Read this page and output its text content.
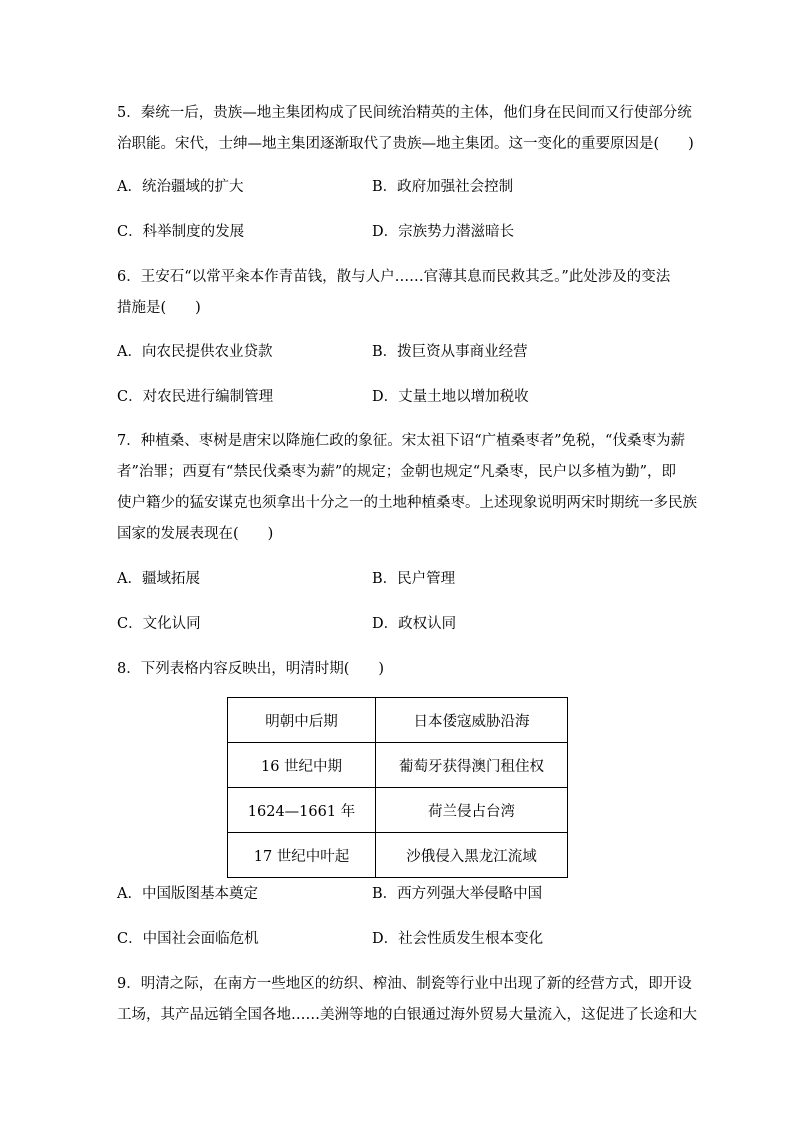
5．秦统一后，贵族—地主集团构成了民间统治精英的主体，他们身在民间而又行使部分统
治职能。宋代，士绅—地主集团逐渐取代了贵族—地主集团。这一变化的重要原因是(　　)
A．统治疆域的扩大	B．政府加强社会控制
C．科举制度的发展	D．宗族势力潜滋暗长
6．王安石“以常平籴本作青苗钱，散与人户……官薄其息而民救其乏。”此处涉及的变法
措施是(　　)
A．向农民提供农业贷款	B．拨巨资从事商业经营
C．对农民进行编制管理	D．丈量土地以增加税收
7．种植桑、枣树是唐宋以降施仁政的象征。宋太祖下诏“广植桑枣者”免税，“伐桑枣为薪
者”治罪；西夏有“禁民伐桑枣为薪”的规定；金朝也规定“凡桑枣，民户以多植为勤”，即
使户籍少的猛安谋克也须拿出十分之一的土地种植桑枣。上述现象说明两宋时期统一多民族
国家的发展表现在(　　)
A．疆域拓展	B．民户管理
C．文化认同	D．政权认同
8．下列表格内容反映出，明清时期(　　)
明朝中后期	日本倭寇威胁沿海
16 世纪中期	葡萄牙获得澳门租住权
1624—1661 年	荷兰侵占台湾
17 世纪中叶起	沙俄侵入黑龙江流域
A．中国版图基本奠定	B．西方列强大举侵略中国
C．中国社会面临危机	D．社会性质发生根本变化
9．明清之际，在南方一些地区的纺织、榨油、制瓷等行业中出现了新的经营方式，即开设
工场，其产品远销全国各地……美洲等地的白银通过海外贸易大量流入，这促进了长途和大
